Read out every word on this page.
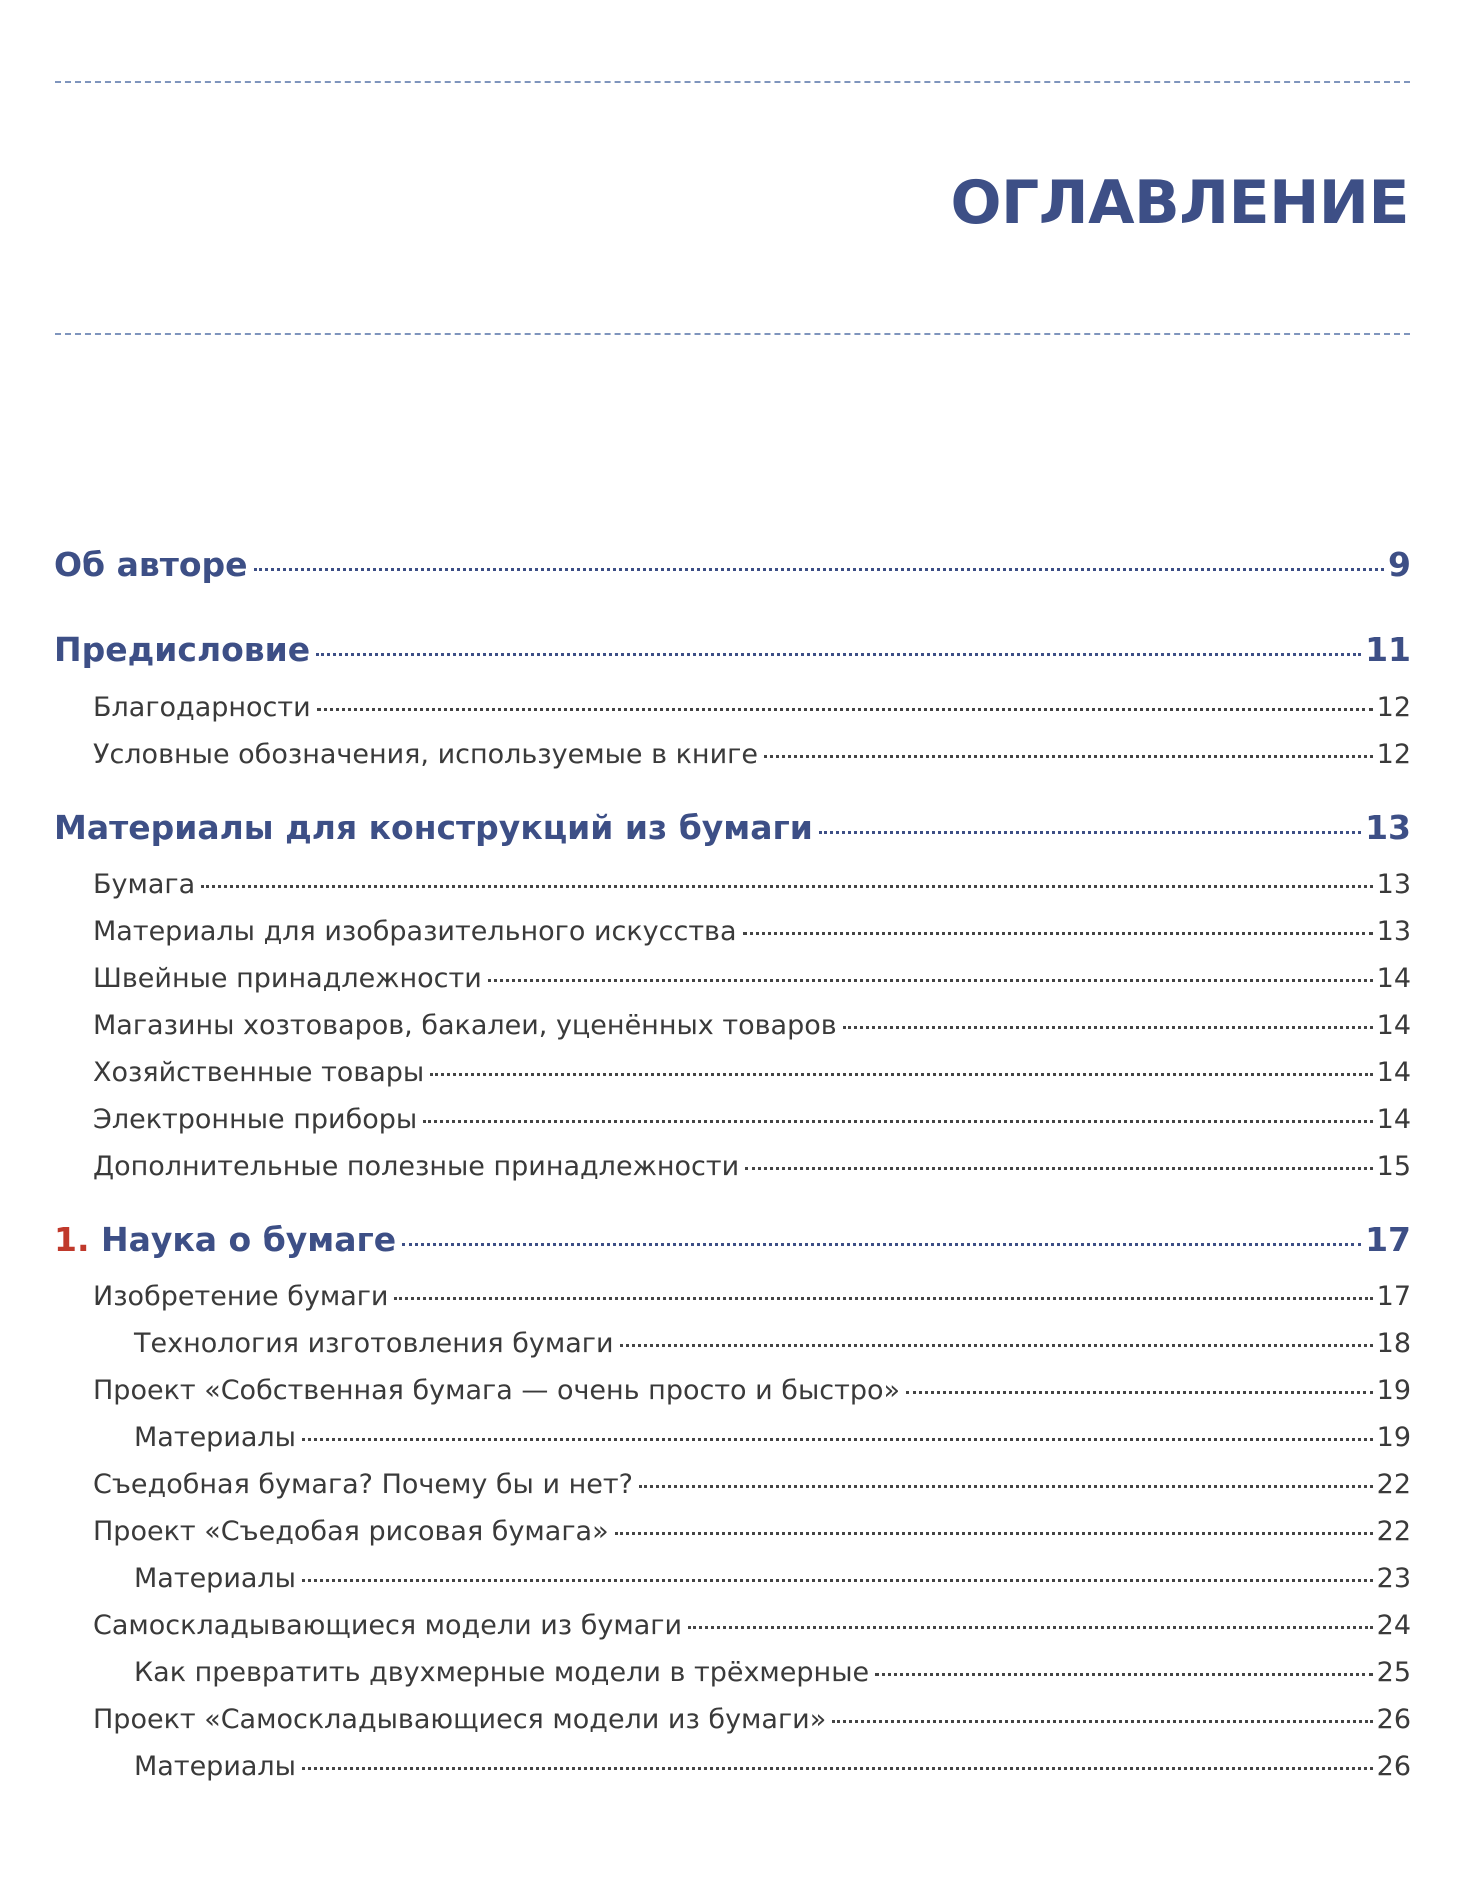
ОГЛАВЛЕНИЕ
Об авторе	9
Предисловие	11
Благодарности	12
Условные обозначения, используемые в книге	12
Материалы для конструкций из бумаги	13
Бумага	13
Материалы для изобразительного искусства	13
Швейные принадлежности	14
Магазины хозтоваров, бакалеи, уценённых товаров	14
Хозяйственные товары	14
Электронные приборы	14
Дополнительные полезные принадлежности	15
1. Наука о бумаге	17
Изобретение бумаги	17
Технология изготовления бумаги	18
Проект «Собственная бумага — очень просто и быстро»	19
Материалы	19
Съедобная бумага? Почему бы и нет?	22
Проект «Съедобая рисовая бумага»	22
Материалы	23
Самоскладывающиеся модели из бумаги	24
Как превратить двухмерные модели в трёхмерные	25
Проект «Самоскладывающиеся модели из бумаги»	26
Материалы	26
